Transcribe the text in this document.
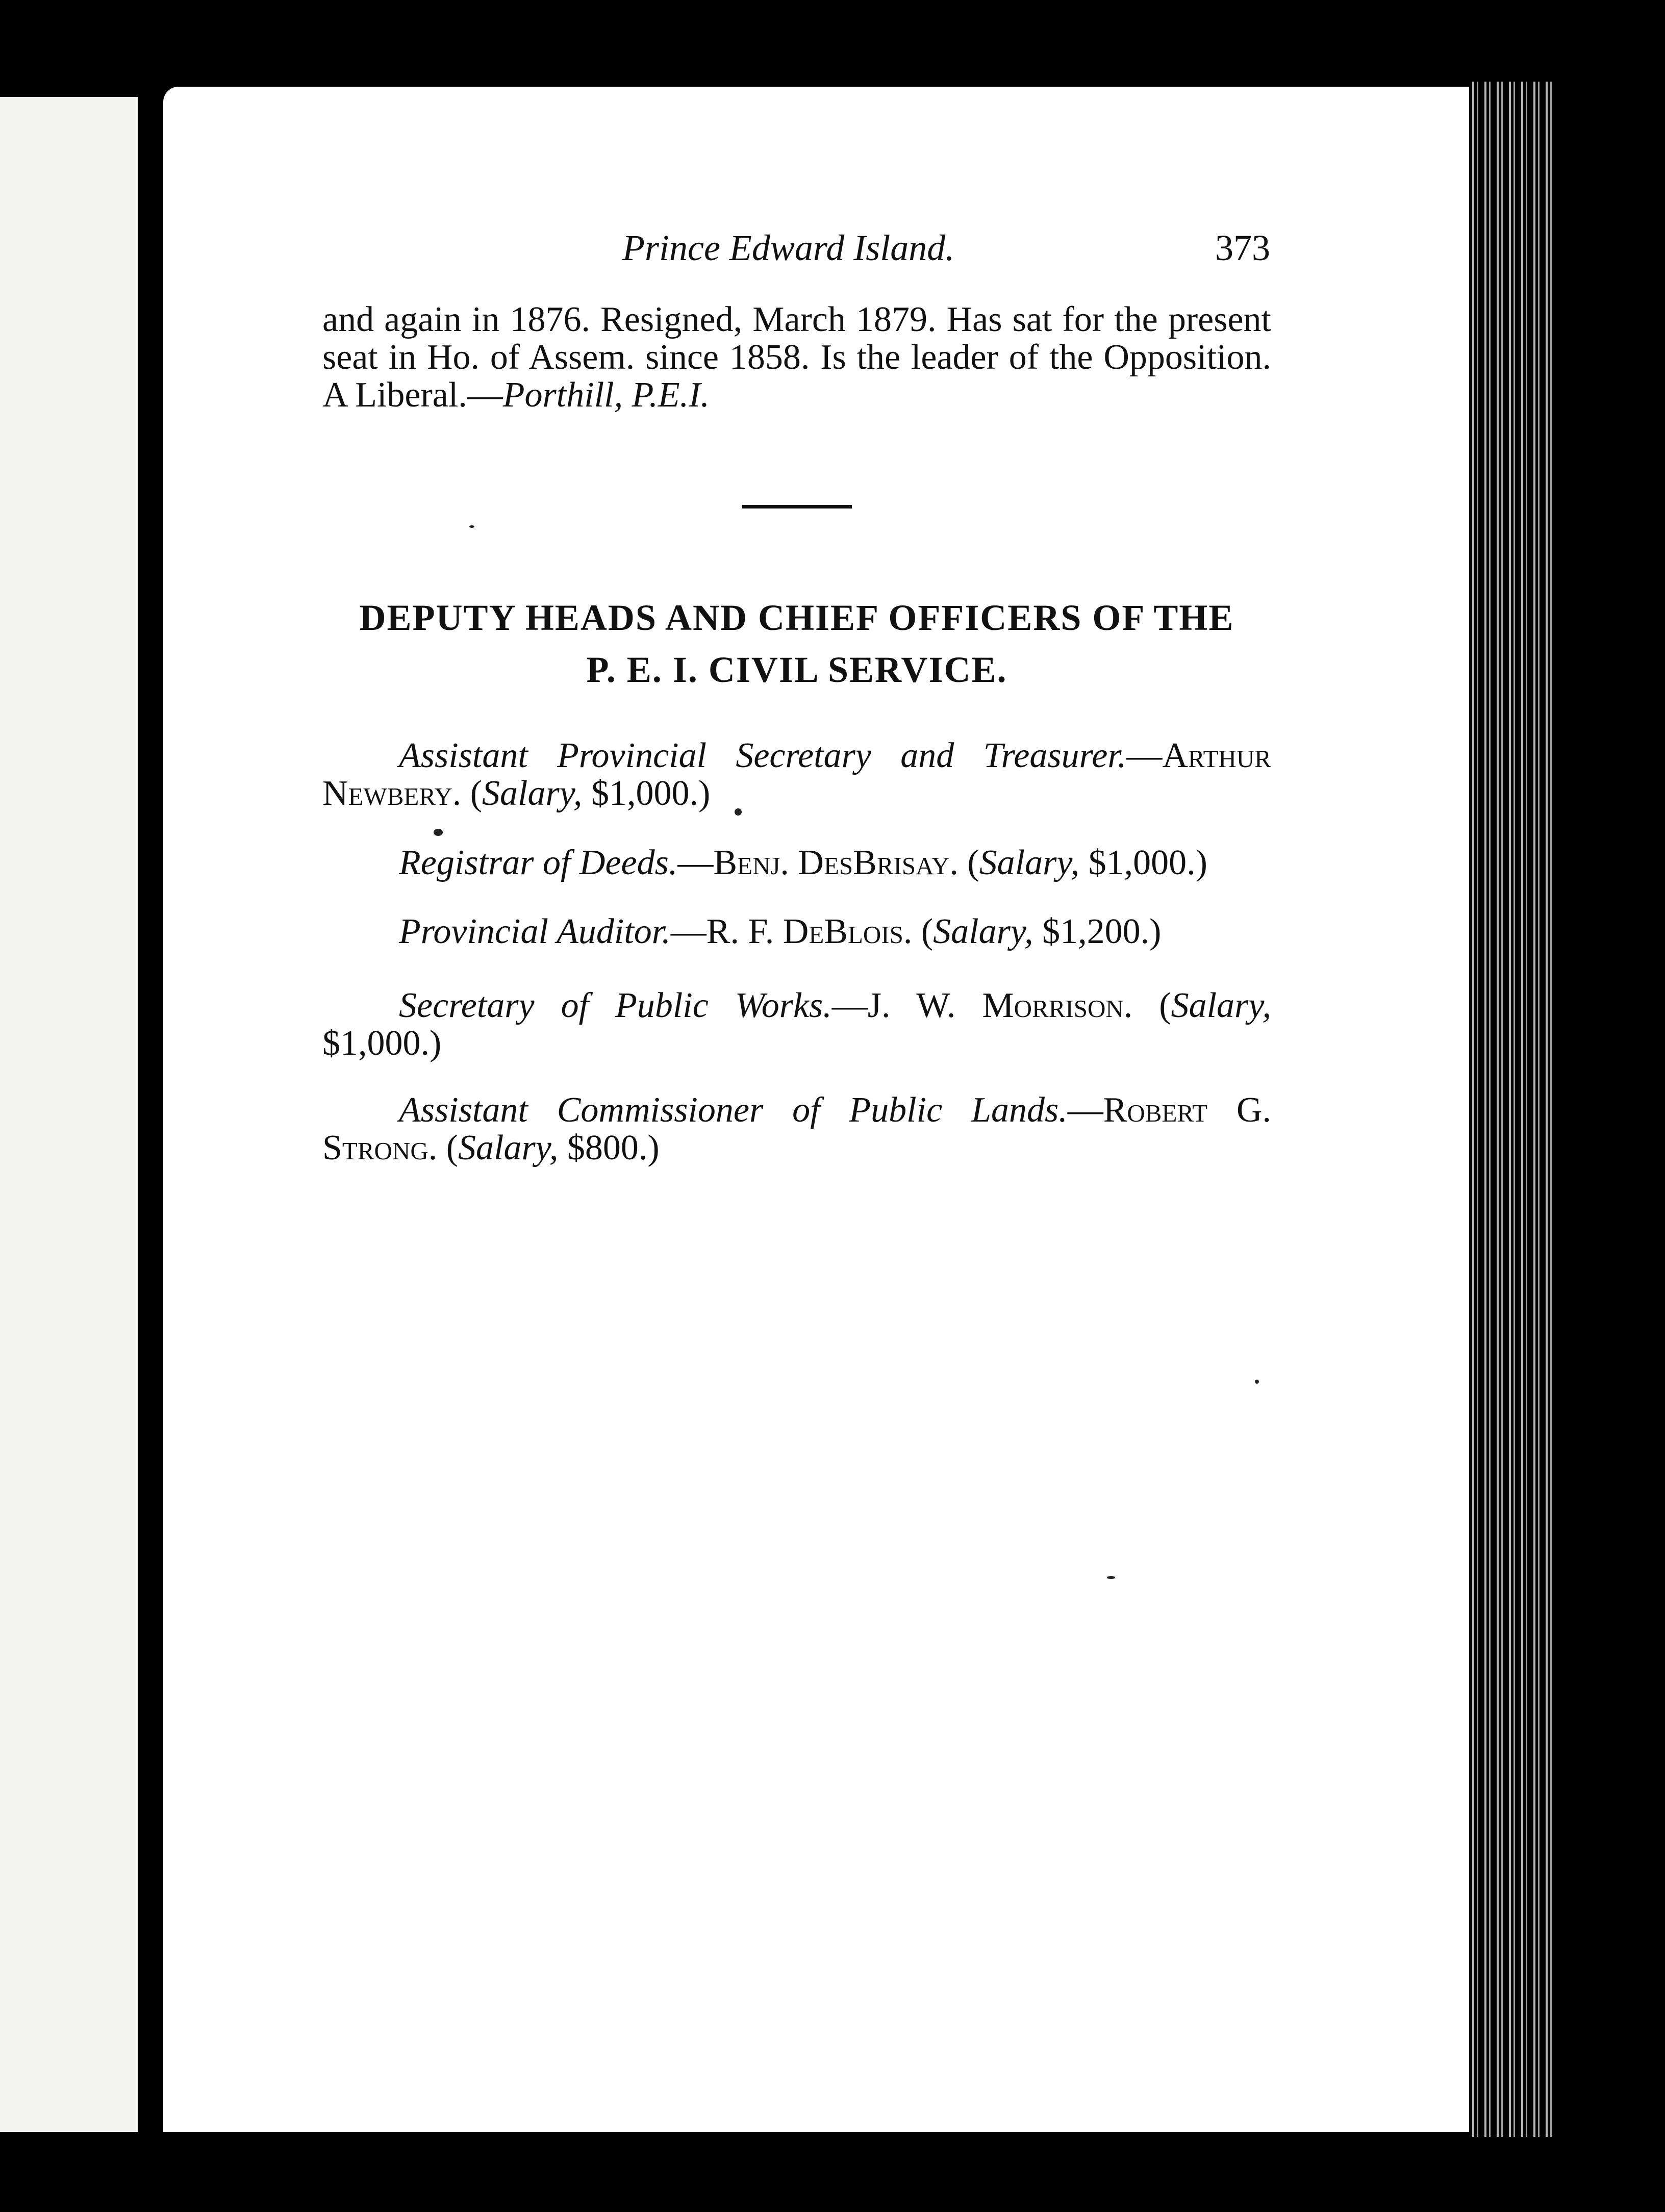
Prince Edward Island.	373

and again in 1876. Resigned, March 1879. Has sat for the present seat in Ho. of Assem. since 1858. Is the leader of the Opposition. A Liberal.—Porthill, P.E.I.

DEPUTY HEADS AND CHIEF OFFICERS OF THE
P. E. I. CIVIL SERVICE.

Assistant Provincial Secretary and Treasurer.—Arthur Newbery. (Salary, $1,000.)

Registrar of Deeds.—Benj. DesBrisay. (Salary, $1,000.)

Provincial Auditor.—R. F. DeBlois. (Salary, $1,200.)

Secretary of Public Works.—J. W. Morrison. (Salary, $1,000.)

Assistant Commissioner of Public Lands.—Robert G. Strong. (Salary, $800.)
